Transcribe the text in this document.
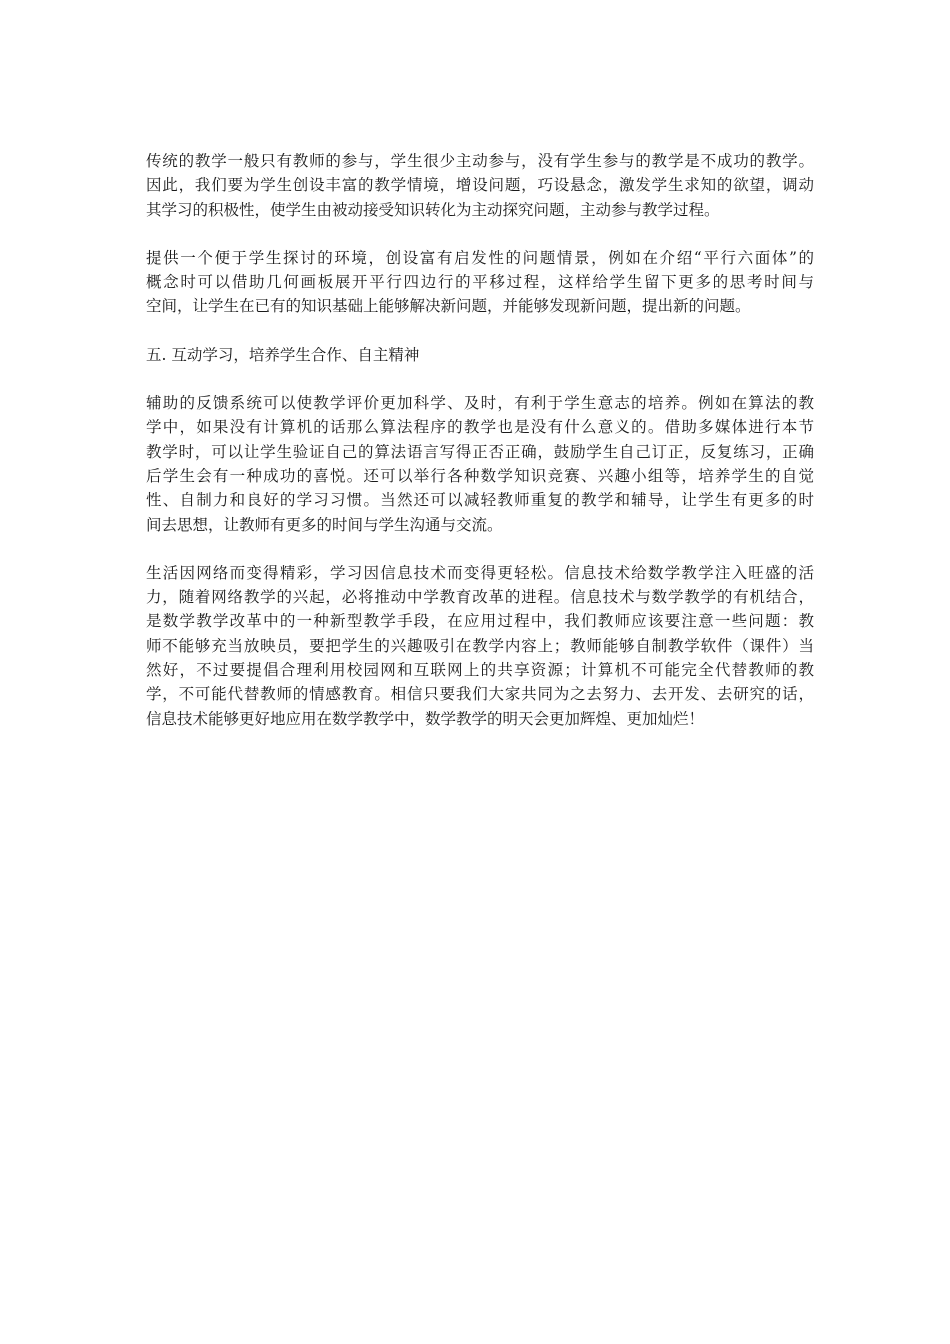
传统的教学一般只有教师的参与，学生很少主动参与，没有学生参与的教学是不成功的教学。
因此，我们要为学生创设丰富的教学情境，增设问题，巧设悬念，激发学生求知的欲望，调动
其学习的积极性，使学生由被动接受知识转化为主动探究问题，主动参与教学过程。
提供一个便于学生探讨的环境，创设富有启发性的问题情景，例如在介绍“平行六面体”的
概念时可以借助几何画板展开平行四边行的平移过程，这样给学生留下更多的思考时间与
空间，让学生在已有的知识基础上能够解决新问题，并能够发现新问题，提出新的问题。
五. 互动学习，培养学生合作、自主精神
辅助的反馈系统可以使教学评价更加科学、及时，有利于学生意志的培养。例如在算法的教
学中，如果没有计算机的话那么算法程序的教学也是没有什么意义的。借助多媒体进行本节
教学时，可以让学生验证自己的算法语言写得正否正确，鼓励学生自己订正，反复练习，正确
后学生会有一种成功的喜悦。还可以举行各种数学知识竞赛、兴趣小组等，培养学生的自觉
性、自制力和良好的学习习惯。当然还可以减轻教师重复的教学和辅导，让学生有更多的时
间去思想，让教师有更多的时间与学生沟通与交流。
生活因网络而变得精彩，学习因信息技术而变得更轻松。信息技术给数学教学注入旺盛的活
力，随着网络教学的兴起，必将推动中学教育改革的进程。信息技术与数学教学的有机结合，
是数学教学改革中的一种新型教学手段，在应用过程中，我们教师应该要注意一些问题：教
师不能够充当放映员，要把学生的兴趣吸引在教学内容上；教师能够自制教学软件（课件）当
然好，不过要提倡合理利用校园网和互联网上的共享资源；计算机不可能完全代替教师的教
学，不可能代替教师的情感教育。相信只要我们大家共同为之去努力、去开发、去研究的话，
信息技术能够更好地应用在数学教学中，数学教学的明天会更加辉煌、更加灿烂！
